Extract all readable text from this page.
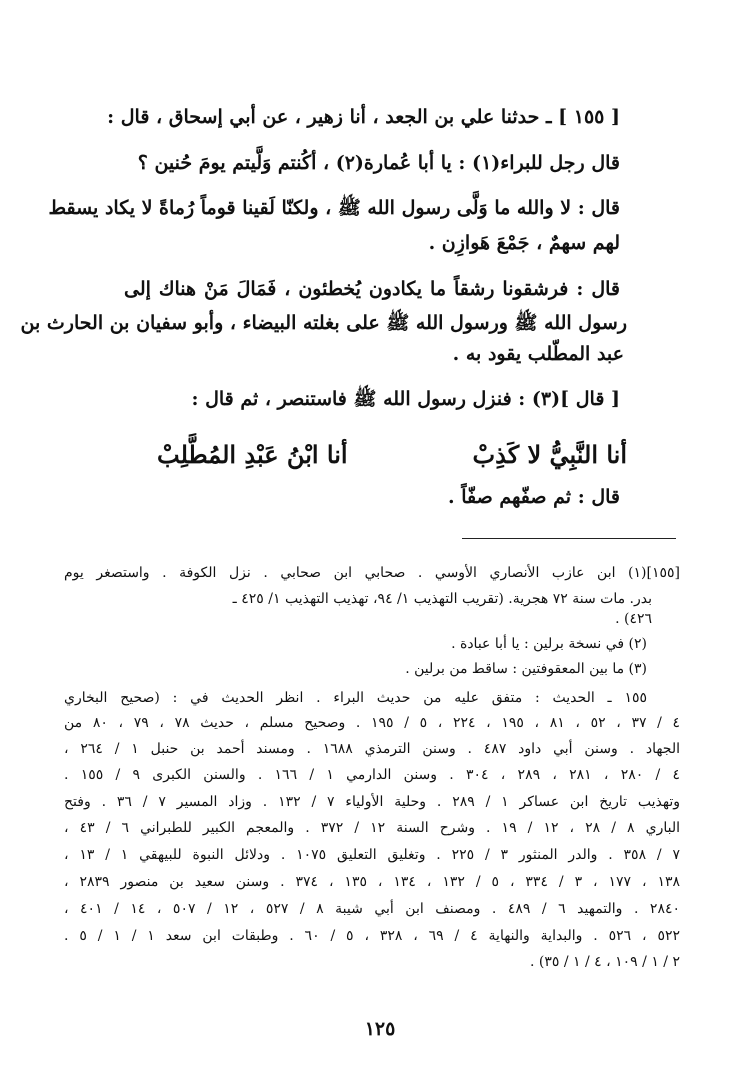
[ ١٥٥ ] ـ حدثنا علي بن الجعد ، أنا زهير ، عن أبي إسحاق ، قال :
قال رجل للبراء(١) : يا أبا عُمارة(٢) ، أكُنتم وَلَّيتم يومَ حُنين ؟
قال : لا والله ما وَلَّى رسول الله ﷺ ، ولكنّا لَقينا قوماً رُماةً لا يكاد يسقط
لهم سهمٌ ، جَمْعَ هَوازِن .
قال : فرشقونا رشقاً ما يكادون يُخطئون ، فَمَالَ مَنْ هناك إلى
رسول الله ﷺ ورسول الله ﷺ على بغلته البيضاء ، وأبو سفيان بن الحارث بن
عبد المطّلب يقود به .
[ قال ](٣) : فنزل رسول الله ﷺ فاستنصر ، ثم قال :
أنا النَّبِيُّ لا كَذِبْ
أنا ابْنُ عَبْدِ المُطَّلِبْ
قال : ثم صفّهم صفّاً .
[١٥٥](١) ابن عازب الأنصاري الأوسي . صحابي ابن صحابي . نزل الكوفة . واستصغر يوم
بدر. مات سنة ٧٢ هجرية. (تقريب التهذيب ١/ ٩٤، تهذيب التهذيب ١/ ٤٢٥ ـ
٤٢٦) .
(٢) في نسخة برلين : يا أبا عبادة .
(٣) ما بين المعقوفتين : ساقط من برلين .
١٥٥ ـ الحديث : متفق عليه من حديث البراء . انظر الحديث في : (صحيح البخاري
٤ / ٣٧ ، ٥٢ ، ٨١ ، ١٩٥ ، ٢٢٤ ، ٥ / ١٩٥ . وصحيح مسلم ، حديث ٧٨ ، ٧٩ ، ٨٠ من
الجهاد . وسنن أبي داود ٤٨٧ . وسنن الترمذي ١٦٨٨ . ومسند أحمد بن حنبل ١ / ٢٦٤ ،
٤ / ٢٨٠ ، ٢٨١ ، ٢٨٩ ، ٣٠٤ . وسنن الدارمي ١ / ١٦٦ . والسنن الكبرى ٩ / ١٥٥ .
وتهذيب تاريخ ابن عساكر ١ / ٢٨٩ . وحلية الأولياء ٧ / ١٣٢ . وزاد المسير ٧ / ٣٦ . وفتح
الباري ٨ / ٢٨ ، ١٢ / ١٩ . وشرح السنة ١٢ / ٣٧٢ . والمعجم الكبير للطبراني ٦ / ٤٣ ،
٧ / ٣٥٨ . والدر المنثور ٣ / ٢٢٥ . وتغليق التعليق ١٠٧٥ . ودلائل النبوة للبيهقي ١ / ١٣ ،
١٣٨ ، ١٧٧ ، ٣ / ٣٣٤ ، ٥ / ١٣٢ ، ١٣٤ ، ١٣٥ ، ٣٧٤ . وسنن سعيد بن منصور ٢٨٣٩ ،
٢٨٤٠ . والتمهيد ٦ / ٤٨٩ . ومصنف ابن أبي شيبة ٨ / ٥٢٧ ، ١٢ / ٥٠٧ ، ١٤ / ٤٠١ ،
٥٢٢ ، ٥٢٦ . والبداية والنهاية ٤ / ٦٩ ، ٣٢٨ ، ٥ / ٦٠ . وطبقات ابن سعد ١ / ١ / ٥ .
٢ / ١ / ١٠٩ ، ٤ / ١ / ٣٥) .
١٢٥
